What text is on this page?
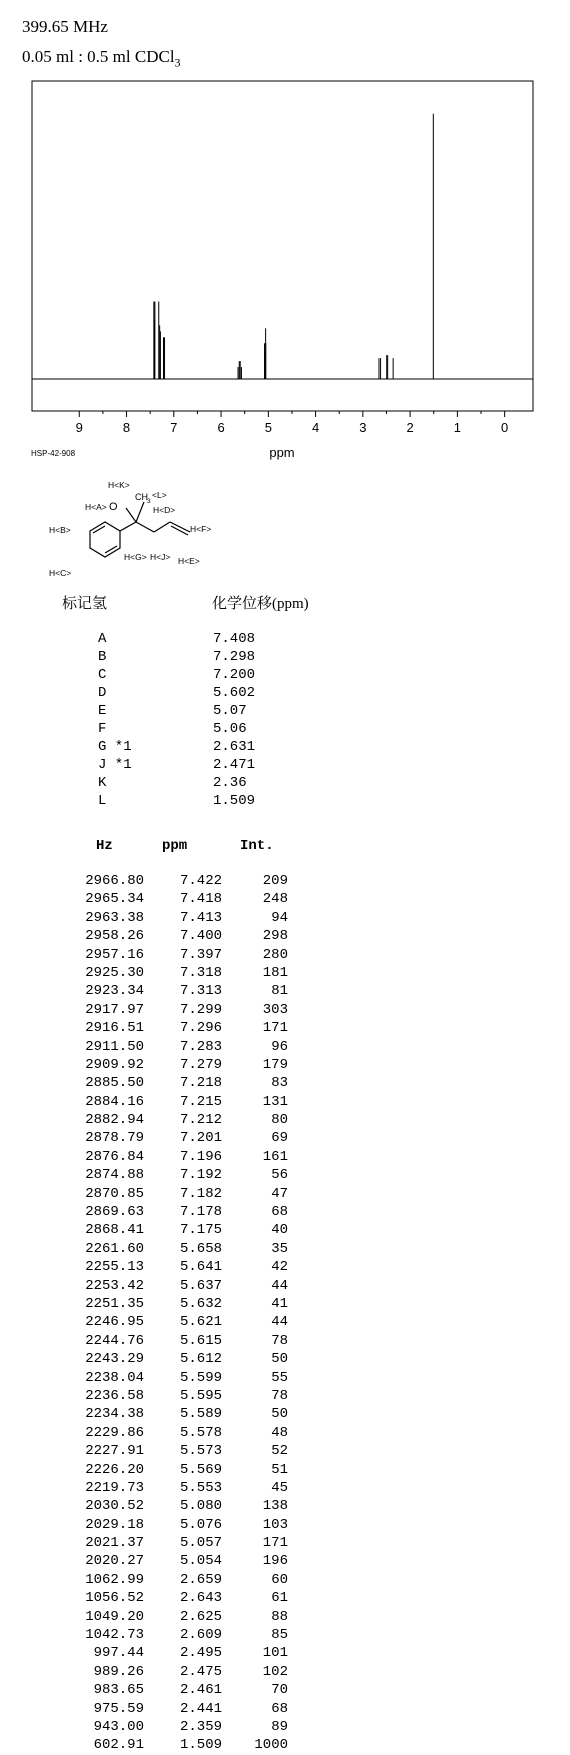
399.65 MHz
0.05 ml : 0.5 ml CDCl$_3$
9	8	7	6	5	4	3	2	1	0
HSP-42-908	ppm
H<K>
O
CH 3
<L>
H<A>	H<D>
H<B>	H<F>
H<C>
H<G> H<J> H<E>
标记氢	化学位移(ppm)
A	7.408
B	7.298
C	7.200
D	5.602
E	5.07
F	5.06
G *1	2.631
J *1	2.471
K	2.36
L	1.509
Hz	ppm	Int.
2966.80	7.422	209
2965.34	7.418	248
2963.38	7.413	94
2958.26	7.400	298
2957.16	7.397	280
2925.30	7.318	181
2923.34	7.313	81
2917.97	7.299	303
2916.51	7.296	171
2911.50	7.283	96
2909.92	7.279	179
2885.50	7.218	83
2884.16	7.215	131
2882.94	7.212	80
2878.79	7.201	69
2876.84	7.196	161
2874.88	7.192	56
2870.85	7.182	47
2869.63	7.178	68
2868.41	7.175	40
2261.60	5.658	35
2255.13	5.641	42
2253.42	5.637	44
2251.35	5.632	41
2246.95	5.621	44
2244.76	5.615	78
2243.29	5.612	50
2238.04	5.599	55
2236.58	5.595	78
2234.38	5.589	50
2229.86	5.578	48
2227.91	5.573	52
2226.20	5.569	51
2219.73	5.553	45
2030.52	5.080	138
2029.18	5.076	103
2021.37	5.057	171
2020.27	5.054	196
1062.99	2.659	60
1056.52	2.643	61
1049.20	2.625	88
1042.73	2.609	85
997.44	2.495	101
989.26	2.475	102
983.65	2.461	70
975.59	2.441	68
943.00	2.359	89
602.91	1.509	1000
